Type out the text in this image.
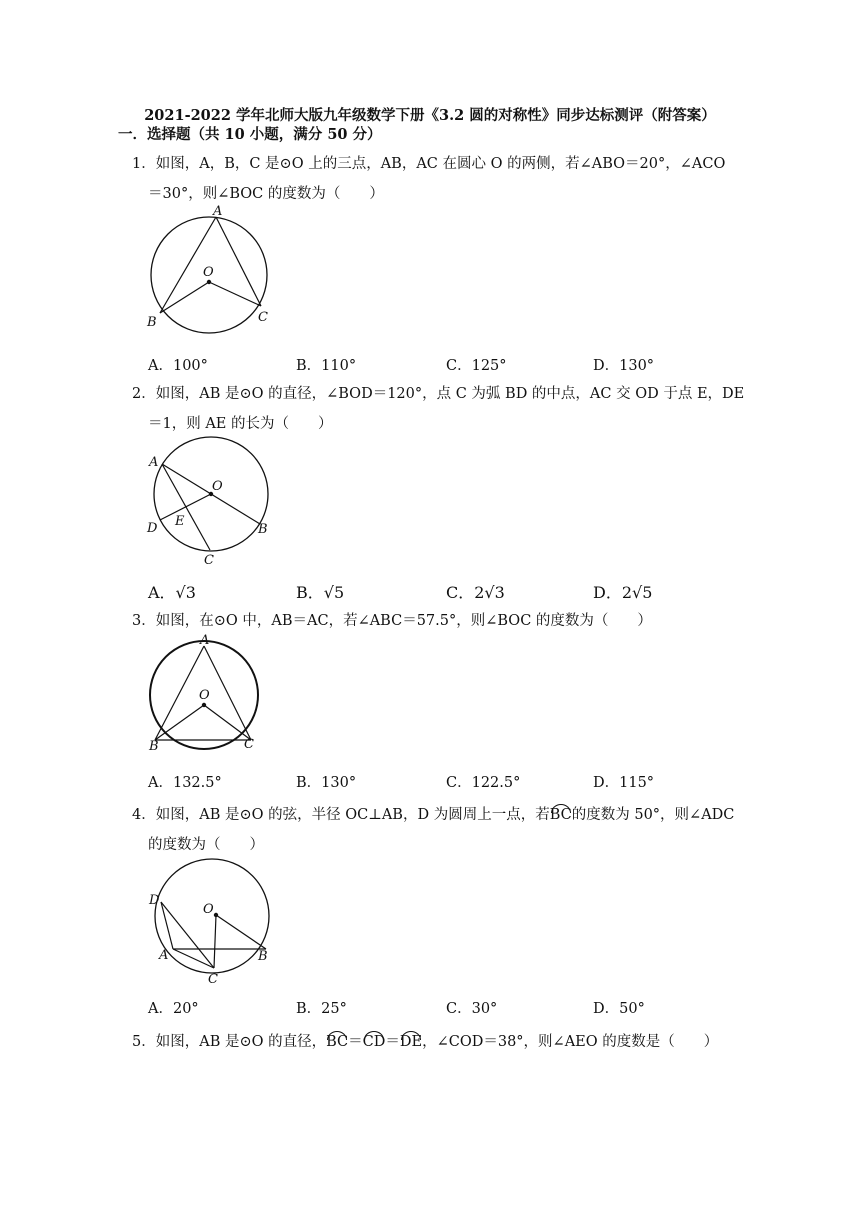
2021-2022 学年北师大版九年级数学下册《3.2 圆的对称性》同步达标测评（附答案）
一．选择题（共 10 小题，满分 50 分）
1．如图，A，B，C 是⊙O 上的三点，AB，AC 在圆心 O 的两侧，若∠ABO＝20°，∠ACO
＝30°，则∠BOC 的度数为（　　）
A
O
B	C
A．100°	B．110°	C．125°	D．130°
2．如图，AB 是⊙O 的直径，∠BOD＝120°，点 C 为弧 BD 的中点，AC 交 OD 于点 E，DE
＝1，则 AE 的长为（　　）
A
O
E
D	B
C
A．√3	B．√5	C．2√3	D．2√5
3．如图，在⊙O 中，AB＝AC，若∠ABC＝57.5°，则∠BOC 的度数为（　　）
A
O
B	C
A．132.5°	B．130°	C．122.5°	D．115°
4．如图，AB 是⊙O 的弦，半径 OC⊥AB，D 为圆周上一点，若BC的度数为 50°，则∠ADC
的度数为（　　）
D
O
A	B
C
A．20°	B．25°	C．30°	D．50°
5．如图，AB 是⊙O 的直径，BC＝CD＝DE，∠COD＝38°，则∠AEO 的度数是（　　）
